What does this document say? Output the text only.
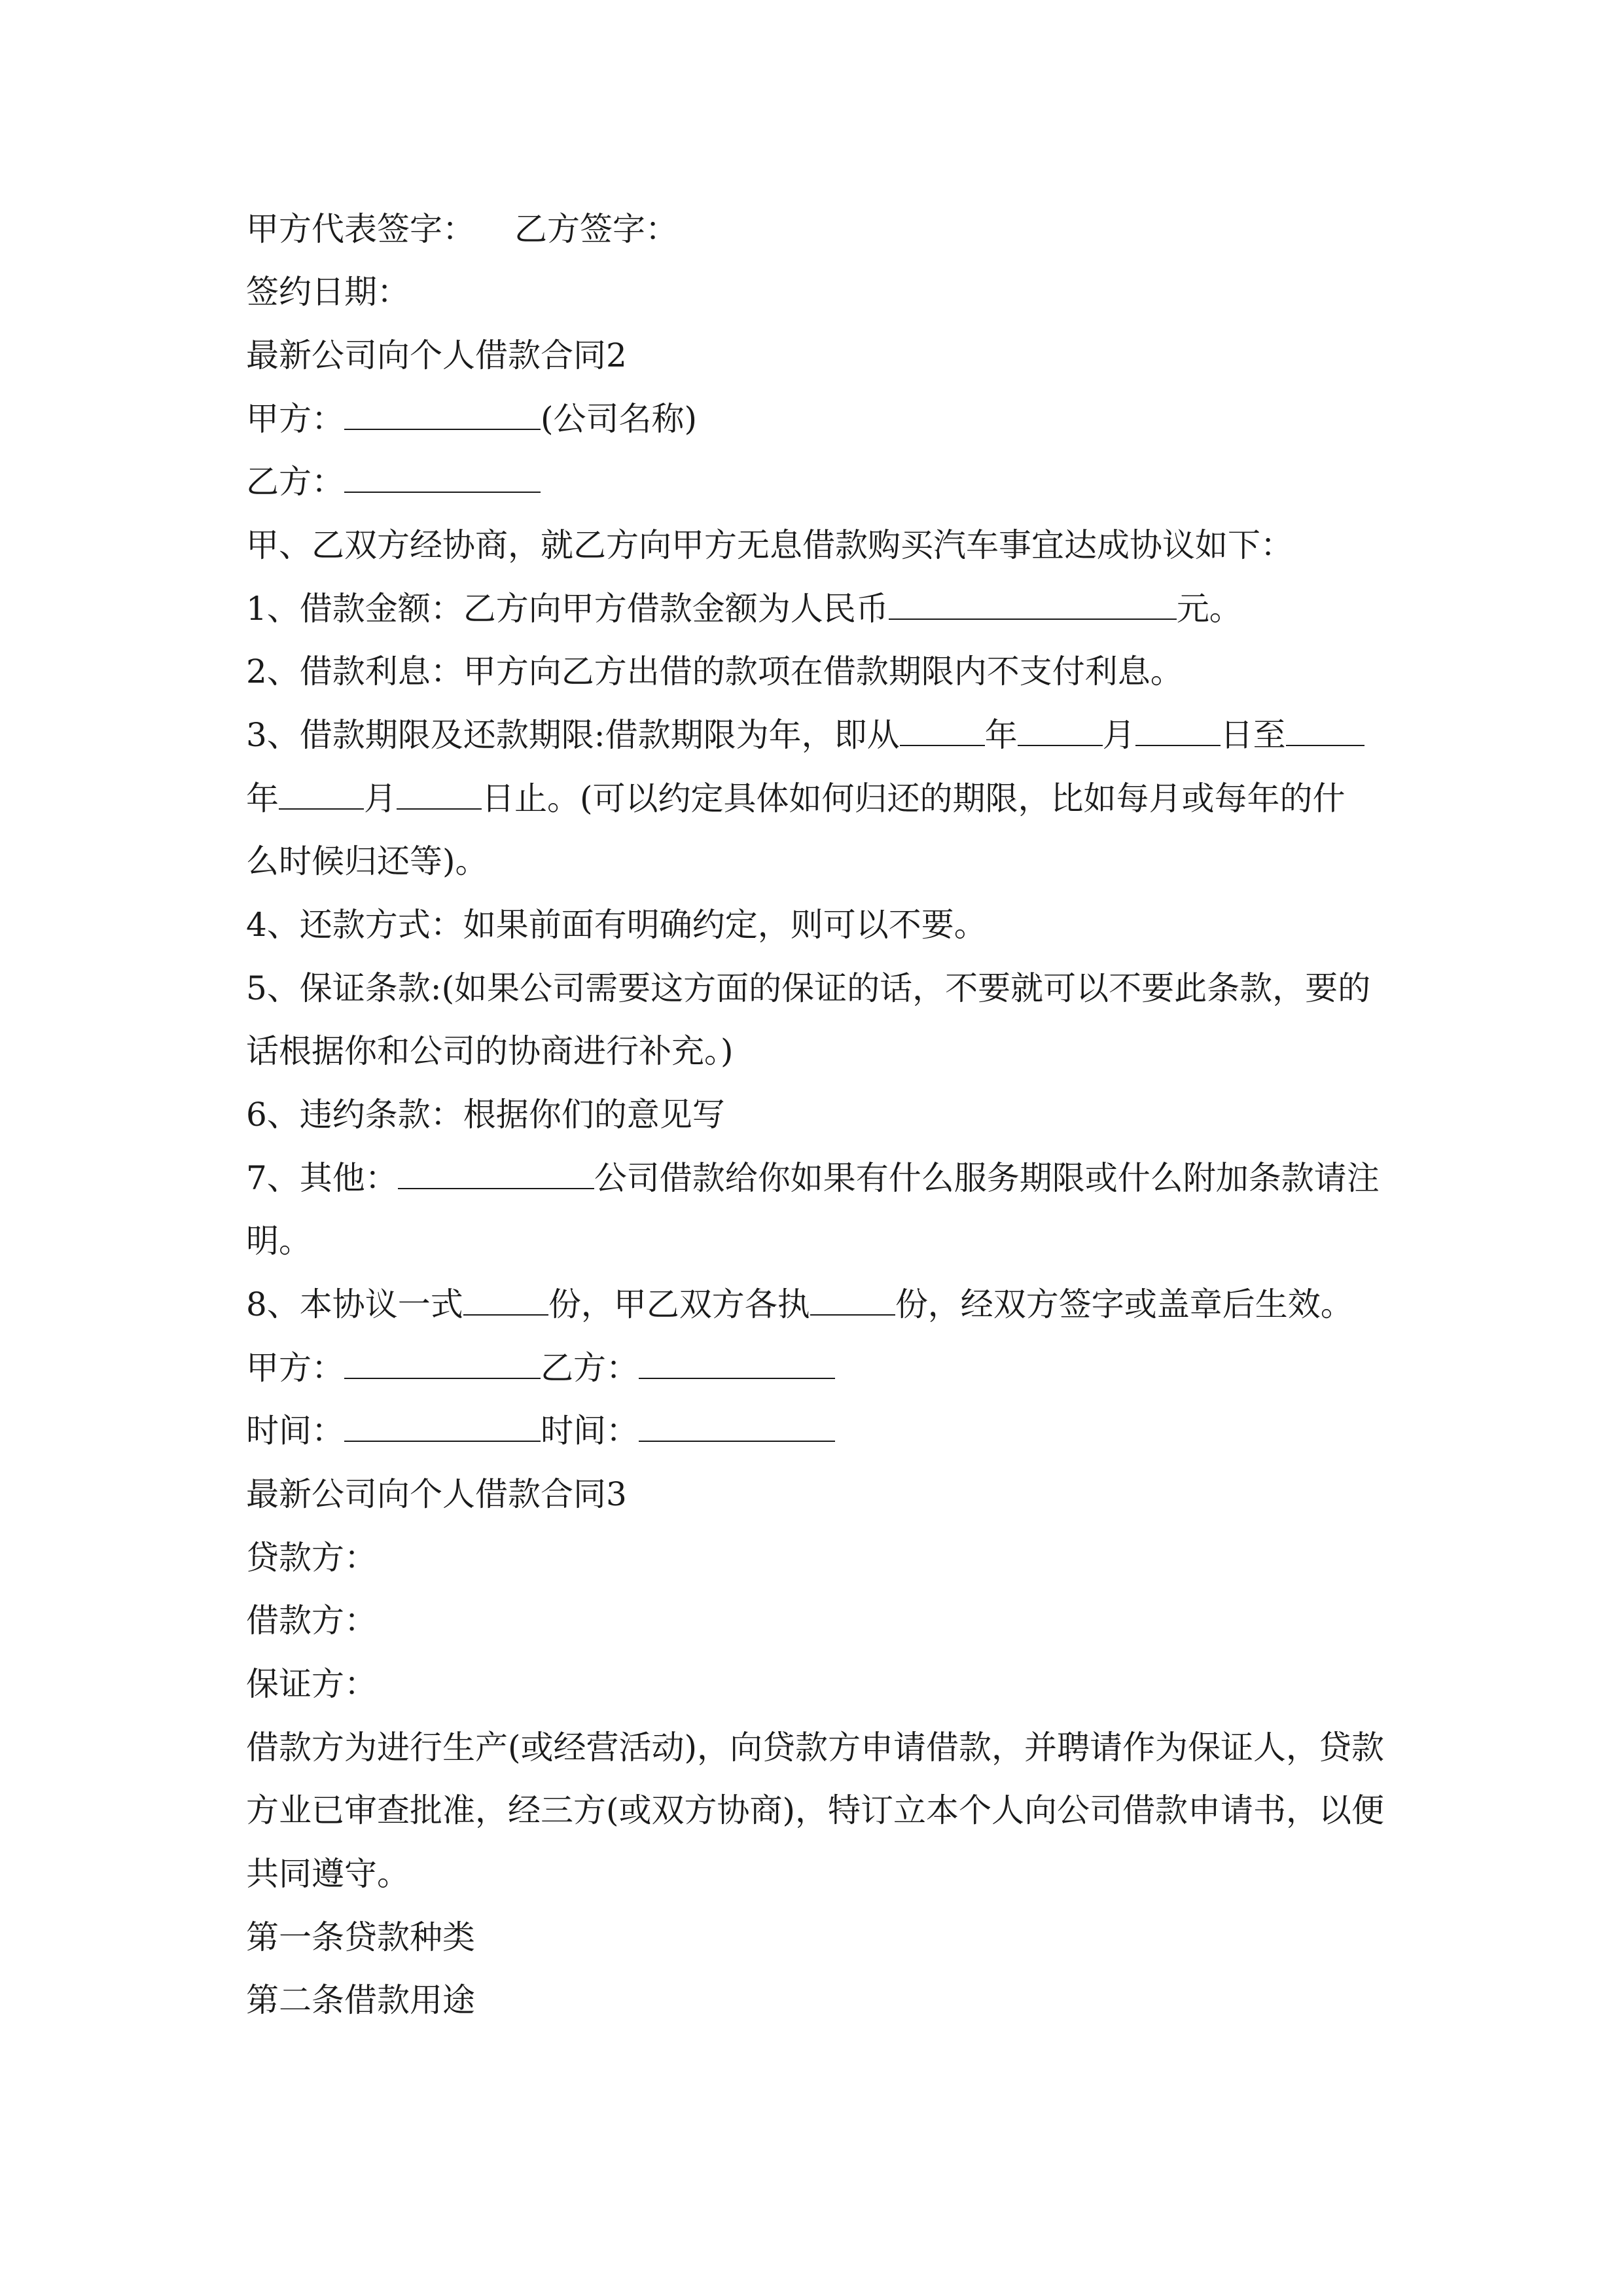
甲方代表签字： 乙方签字：

签约日期：

最新公司向个人借款合同2

甲方：	(公司名称)

乙方：

甲、乙双方经协商，就乙方向甲方无息借款购买汽车事宜达成协议如下：

1、借款金额：乙方向甲方借款金额为人民币	元。

2、借款利息：甲方向乙方出借的款项在借款期限内不支付利息。

3、借款期限及还款期限:借款期限为年，即从	年	月	日至

年	月	日止。(可以约定具体如何归还的期限，比如每月或每年的什

么时候归还等)。

4、还款方式：如果前面有明确约定，则可以不要。

5、保证条款:(如果公司需要这方面的保证的话，不要就可以不要此条款，要的

话根据你和公司的协商进行补充。)

6、违约条款：根据你们的意见写

7、其他：	公司借款给你如果有什么服务期限或什么附加条款请注

明。

8、本协议一式	份，甲乙双方各执	份，经双方签字或盖章后生效。

甲方：	乙方：

时间：	时间：

最新公司向个人借款合同3

贷款方：

借款方：

保证方：

借款方为进行生产(或经营活动)，向贷款方申请借款，并聘请作为保证人，贷款

方业已审查批准，经三方(或双方协商)，特订立本个人向公司借款申请书，以便

共同遵守。

第一条贷款种类

第二条借款用途
